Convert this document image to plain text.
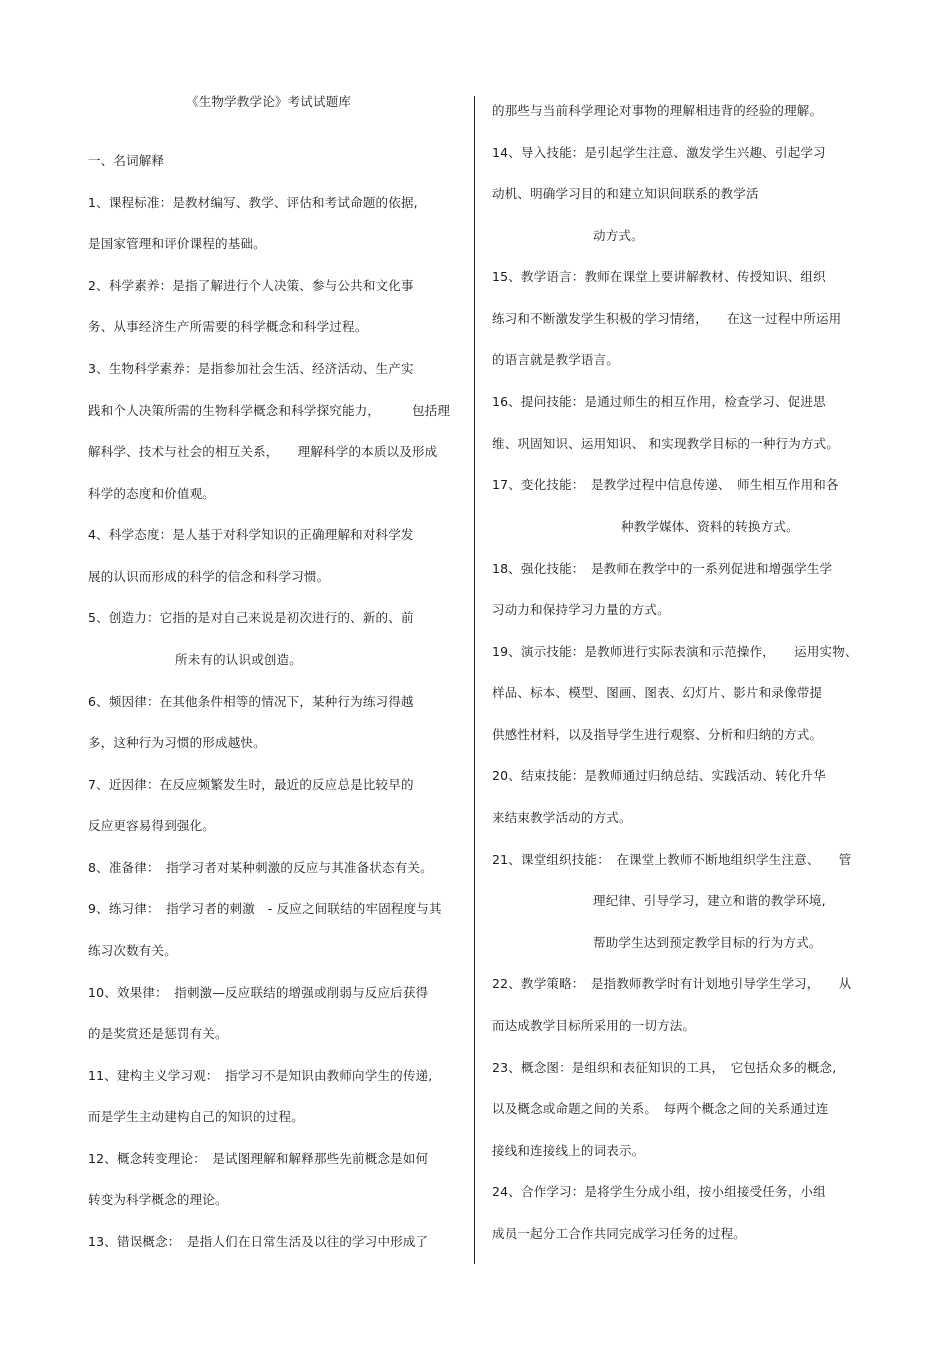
《生物学教学论》考试试题库
一、名词解释
1、课程标准：是教材编写、教学、评估和考试命题的依据,
是国家管理和评价课程的基础。
2、科学素养：是指了解进行个人决策、参与公共和文化事
务、从事经济生产所需要的科学概念和科学过程。
3、生物科学素养：是指参加社会生活、经济活动、生产实
践和个人决策所需的生物科学概念和科学探究能力，　　　包括理
解科学、技术与社会的相互关系，　　理解科学的本质以及形成
科学的态度和价值观。
4、科学态度：是人基于对科学知识的正确理解和对科学发
展的认识而形成的科学的信念和科学习惯。
5、创造力：它指的是对自己来说是初次进行的、新的、前
所未有的认识或创造。
6、频因律：在其他条件相等的情况下，某种行为练习得越
多，这种行为习惯的形成越快。
7、近因律：在反应频繁发生时，最近的反应总是比较早的
反应更容易得到强化。
8、准备律：　指学习者对某种刺激的反应与其准备状态有关。
9、练习律：　指学习者的刺激　- 反应之间联结的牢固程度与其
练习次数有关。
10、效果律：　指刺激—反应联结的增强或削弱与反应后获得
的是奖赏还是惩罚有关。
11、建构主义学习观：　指学习不是知识由教师向学生的传递,
而是学生主动建构自己的知识的过程。
12、概念转变理论：　是试图理解和解释那些先前概念是如何
转变为科学概念的理论。
13、错误概念：　是指人们在日常生活及以往的学习中形成了
的那些与当前科学理论对事物的理解相违背的经验的理解。
14、导入技能：是引起学生注意、激发学生兴趣、引起学习
动机、明确学习目的和建立知识间联系的教学活
动方式。
15、教学语言：教师在课堂上要讲解教材、传授知识、组织
练习和不断激发学生积极的学习情绪，　　在这一过程中所运用
的语言就是教学语言。
16、提问技能：是通过师生的相互作用，检查学习、促进思
维、巩固知识、运用知识、 和实现教学目标的一种行为方式。
17、变化技能：　是教学过程中信息传递、　师生相互作用和各
种教学媒体、资料的转换方式。
18、强化技能：　是教师在教学中的一系列促进和增强学生学
习动力和保持学习力量的方式。
19、演示技能：是教师进行实际表演和示范操作，　　运用实物、
样品、标本、模型、图画、图表、幻灯片、影片和录像带提
供感性材料，以及指导学生进行观察、分析和归纳的方式。
20、结束技能：是教师通过归纳总结、实践活动、转化升华
来结束教学活动的方式。
21、课堂组织技能：　在课堂上教师不断地组织学生注意、　　管
理纪律、引导学习，建立和谐的教学环境,
帮助学生达到预定教学目标的行为方式。
22、教学策略：　是指教师教学时有计划地引导学生学习，　　从
而达成教学目标所采用的一切方法。
23、概念图：是组织和表征知识的工具，　它包括众多的概念,
以及概念或命题之间的关系。　每两个概念之间的关系通过连
接线和连接线上的词表示。
24、合作学习：是将学生分成小组，按小组接受任务，小组
成员一起分工合作共同完成学习任务的过程。
